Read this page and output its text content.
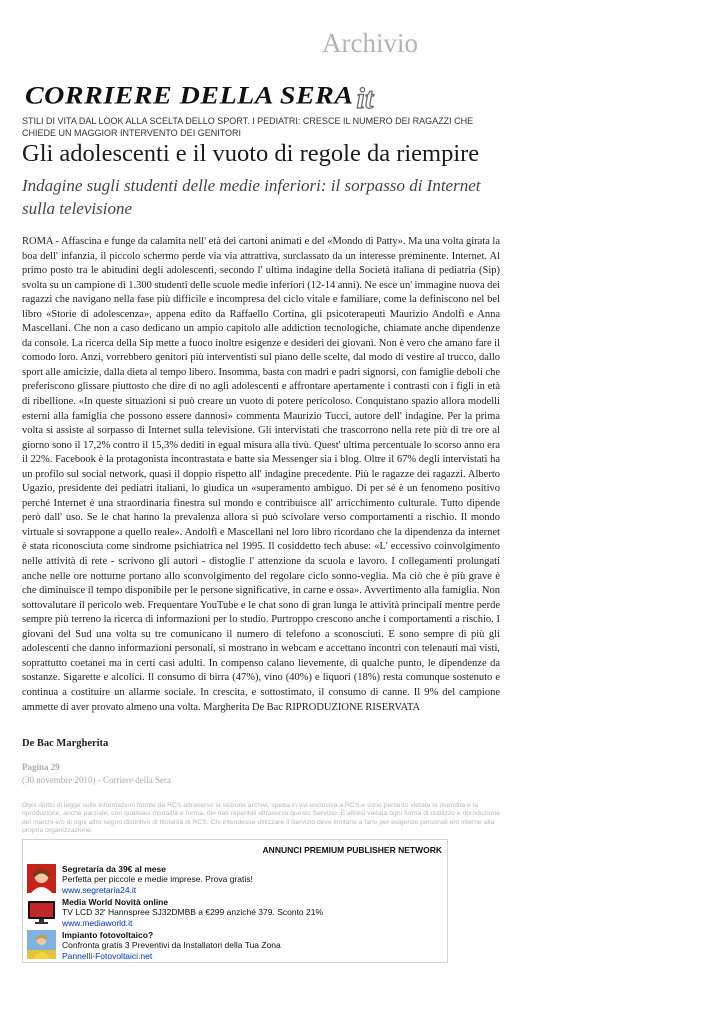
Archivio
CORRIERE DELLA SERA it
STILI DI VITA DAL LOOK ALLA SCELTA DELLO SPORT. I PEDIATRI: CRESCE IL NUMERO DEI RAGAZZI CHE CHIEDE UN MAGGIOR INTERVENTO DEI GENITORI
Gli adolescenti e il vuoto di regole da riempire
Indagine sugli studenti delle medie inferiori: il sorpasso di Internet sulla televisione
ROMA - Affascina e funge da calamita nell' età dei cartoni animati e del «Mondo di Patty». Ma una volta girata la boa dell' infanzia, il piccolo schermo perde via via attrattiva, surclassato da un interesse preminente. Internet. Al primo posto tra le abitudini degli adolescenti, secondo l' ultima indagine della Società italiana di pediatria (Sip) svolta su un campione di 1.300 studenti delle scuole medie inferiori (12-14 anni). Ne esce un' immagine nuova dei ragazzi che navigano nella fase più difficile e incompresa del ciclo vitale e familiare, come la definiscono nel bel libro «Storie di adolescenza», appena edito da Raffaello Cortina, gli psicoterapeuti Maurizio Andolfi e Anna Mascellani. Che non a caso dedicano un ampio capitolo alle addiction tecnologiche, chiamate anche dipendenze da console. La ricerca della Sip mette a fuoco inoltre esigenze e desideri dei giovani. Non è vero che amano fare il comodo loro. Anzi, vorrebbero genitori più interventisti sul piano delle scelte, dal modo di vestire al trucco, dallo sport alle amicizie, dalla dieta al tempo libero. Insomma, basta con madri e padri signorsi, con famiglie deboli che preferiscono glissare piuttosto che dire di no agli adolescenti e affrontare apertamente i contrasti con i figli in età di ribellione. «In queste situazioni si può creare un vuoto di potere pericoloso. Conquistano spazio allora modelli esterni alla famiglia che possono essere dannosi» commenta Maurizio Tucci, autore dell' indagine. Per la prima volta si assiste al sorpasso di Internet sulla televisione. Gli intervistati che trascorrono nella rete più di tre ore al giorno sono il 17,2% contro il 15,3% dediti in egual misura alla tivù. Quest' ultima percentuale lo scorso anno era il 22%. Facebook è la protagonista incontrastata e batte sia Messenger sia i blog. Oltre il 67% degli intervistati ha un profilo sul social network, quasi il doppio rispetto all' indagine precedente. Più le ragazze dei ragazzi. Alberto Ugazio, presidente dei pediatri italiani, lo giudica un «superamento ambiguo. Di per sé è un fenomeno positivo perché Internet è una straordinaria finestra sul mondo e contribuisce all' arricchimento culturale. Tutto dipende però dall' uso. Se le chat hanno la prevalenza allora si può scivolare verso comportamenti a rischio. Il mondo virtuale si sovrappone a quello reale». Andolfi e Mascellani nel loro libro ricordano che la dipendenza da internet è stata riconosciuta come sindrome psichiatrica nel 1995. Il cosiddetto tech abuse: «L' eccessivo coinvolgimento nelle attività di rete - scrivono gli autori - distoglie l' attenzione da scuola e lavoro. I collegamenti prolungati anche nelle ore notturne portano allo sconvolgimento del regolare ciclo sonno-veglia. Ma ciò che è più grave è che diminuisce il tempo disponibile per le persone significative, in carne e ossa». Avvertimento alla famiglia. Non sottovalutare il pericolo web. Frequentare YouTube e le chat sono di gran lunga le attività principali mentre perde sempre più terreno la ricerca di informazioni per lo studio. Purtroppo crescono anche i comportamenti a rischio. I giovani del Sud una volta su tre comunicano il numero di telefono a sconosciuti. E sono sempre di più gli adolescenti che danno informazioni personali, si mostrano in webcam e accettano incontri con telenauti mai visti, soprattutto coetanei ma in certi casi adulti. In compenso calano lievemente, di qualche punto, le dipendenze da sostanze. Sigarette e alcolici. Il consumo di birra (47%), vino (40%) e liquori (18%) resta comunque sostenuto e continua a costituire un allarme sociale. In crescita, e sottostimato, il consumo di canne. Il 9% del campione ammette di aver provato almeno una volta. Margherita De Bac RIPRODUZIONE RISERVATA
De Bac Margherita
Pagina 29
(30 novembre 2010) - Corriere della Sera
Ogni diritto di legge sulle informazioni fornite da RCS attraverso la sezione archivi, spetta in via esclusiva a RCS e sono pertanto vietate la rivendita e la riproduzione, anche parziale, con qualsiasi modalità e forma, dei dati reperibili attraverso questo Servizio. È altresì vietata ogni forma di riutilizzo e riproduzione dei marchi e/o di ogni altro segno distintivo di titolarità di RCS. Chi intendesse utilizzare il Servizio deve limitarsi a farlo per esigenze personali e/o interne alla propria organizzazione.
ANNUNCI PREMIUM PUBLISHER NETWORK
Segretaria da 39€ al mese
Perfetta per piccole e medie imprese. Prova gratis!
www.segretaria24.it
Media World Novità online
TV LCD 32' Hannspree SJ32DMBB a €299 anziché 379. Sconto 21%
www.mediaworld.it
Impianto fotovoltaico?
Confronta gratis 3 Preventivi da Installatori della Tua Zona
Pannelli-Fotovoltaici.net
